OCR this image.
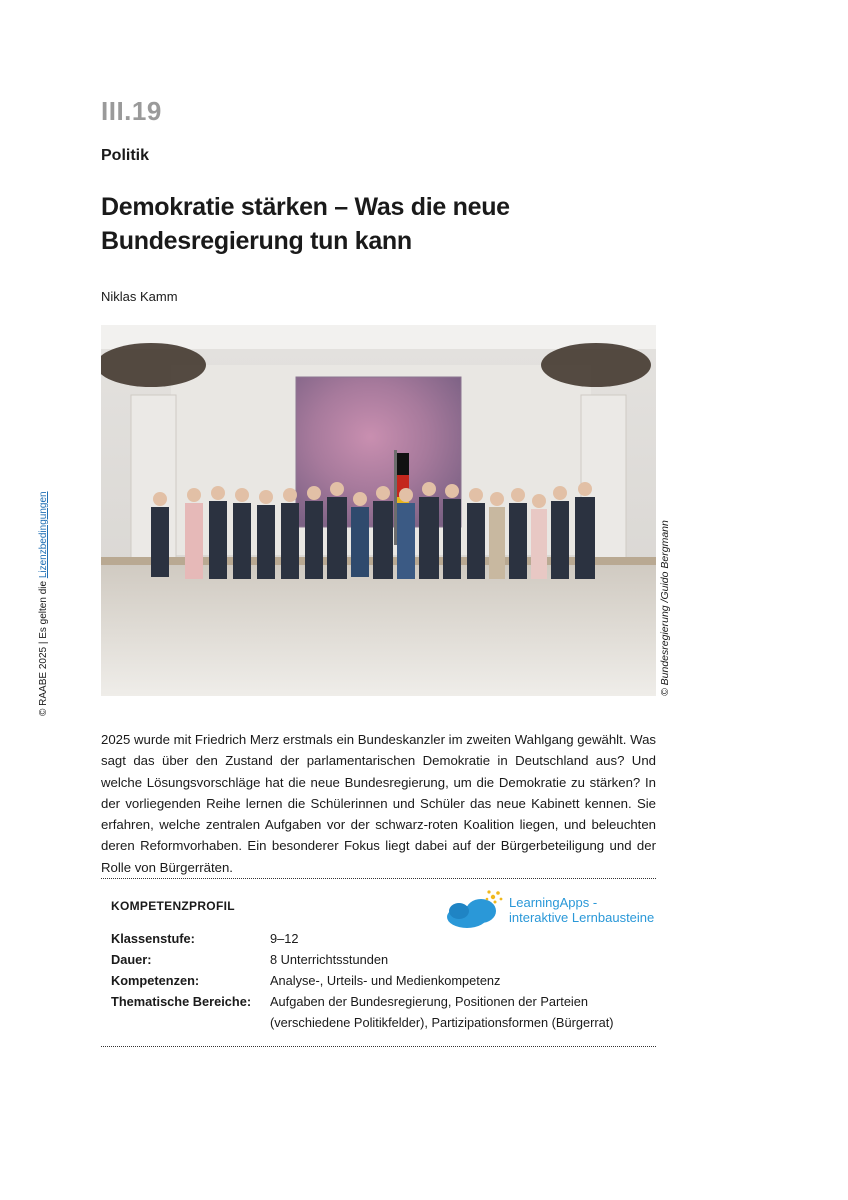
III.19
Politik
Demokratie stärken – Was die neue Bundesregierung tun kann
Niklas Kamm
© Bundesregierung /Guido Bergmann
© RAABE 2025 | Es gelten die Lizenzbedingungen
2025 wurde mit Friedrich Merz erstmals ein Bundeskanzler im zweiten Wahlgang gewählt. Was sagt das über den Zustand der parlamentarischen Demokratie in Deutschland aus? Und welche Lösungsvorschläge hat die neue Bundesregierung, um die Demokratie zu stärken? In der vorliegenden Reihe lernen die Schülerinnen und Schüler das neue Kabinett kennen. Sie erfahren, welche zentralen Aufgaben vor der schwarz-roten Koalition liegen, und beleuchten deren Reformvorhaben. Ein besonderer Fokus liegt dabei auf der Bürgerbeteiligung und der Rolle von Bürgerräten.
KOMPETENZPROFIL	LearningApps -
interaktive Lernbausteine
Klassenstufe:	9–12
Dauer:	8 Unterrichtsstunden
Kompetenzen:	Analyse-, Urteils- und Medienkompetenz
Thematische Bereiche: Aufgaben der Bundesregierung, Positionen der Parteien
(verschiedene Politikfelder), Partizipationsformen (Bürgerrat)
